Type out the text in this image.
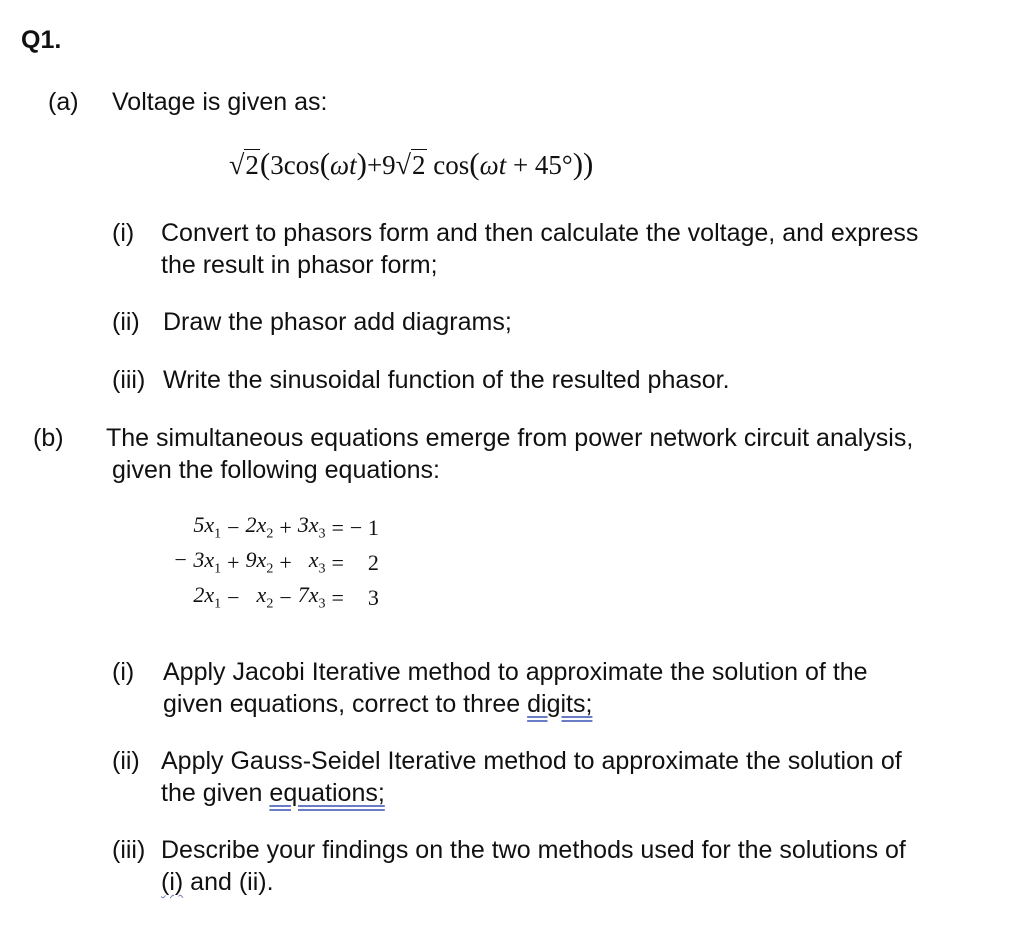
Q1.
(a) Voltage is given as:
√2(3cos(ωt)+9√2 cos(ωt + 45°))
(i) Convert to phasors form and then calculate the voltage, and express
the result in phasor form;
(ii) Draw the phasor add diagrams;
(iii) Write the sinusoidal function of the resulted phasor.
(b) The simultaneous equations emerge from power network circuit analysis,
given the following equations:
$5x_1$	−	$2x_2$	+	$3x_3$	=	− 1
− $3x_1$	+	$9x_2$	+	$x_3$	=	2
$2x_1$	−	$x_2$	−	$7x_3$	=	3
(i) Apply Jacobi Iterative method to approximate the solution of the
given equations, correct to three digits;
(ii) Apply Gauss-Seidel Iterative method to approximate the solution of
the given equations;
(iii) Describe your findings on the two methods used for the solutions of
(i) and (ii).
